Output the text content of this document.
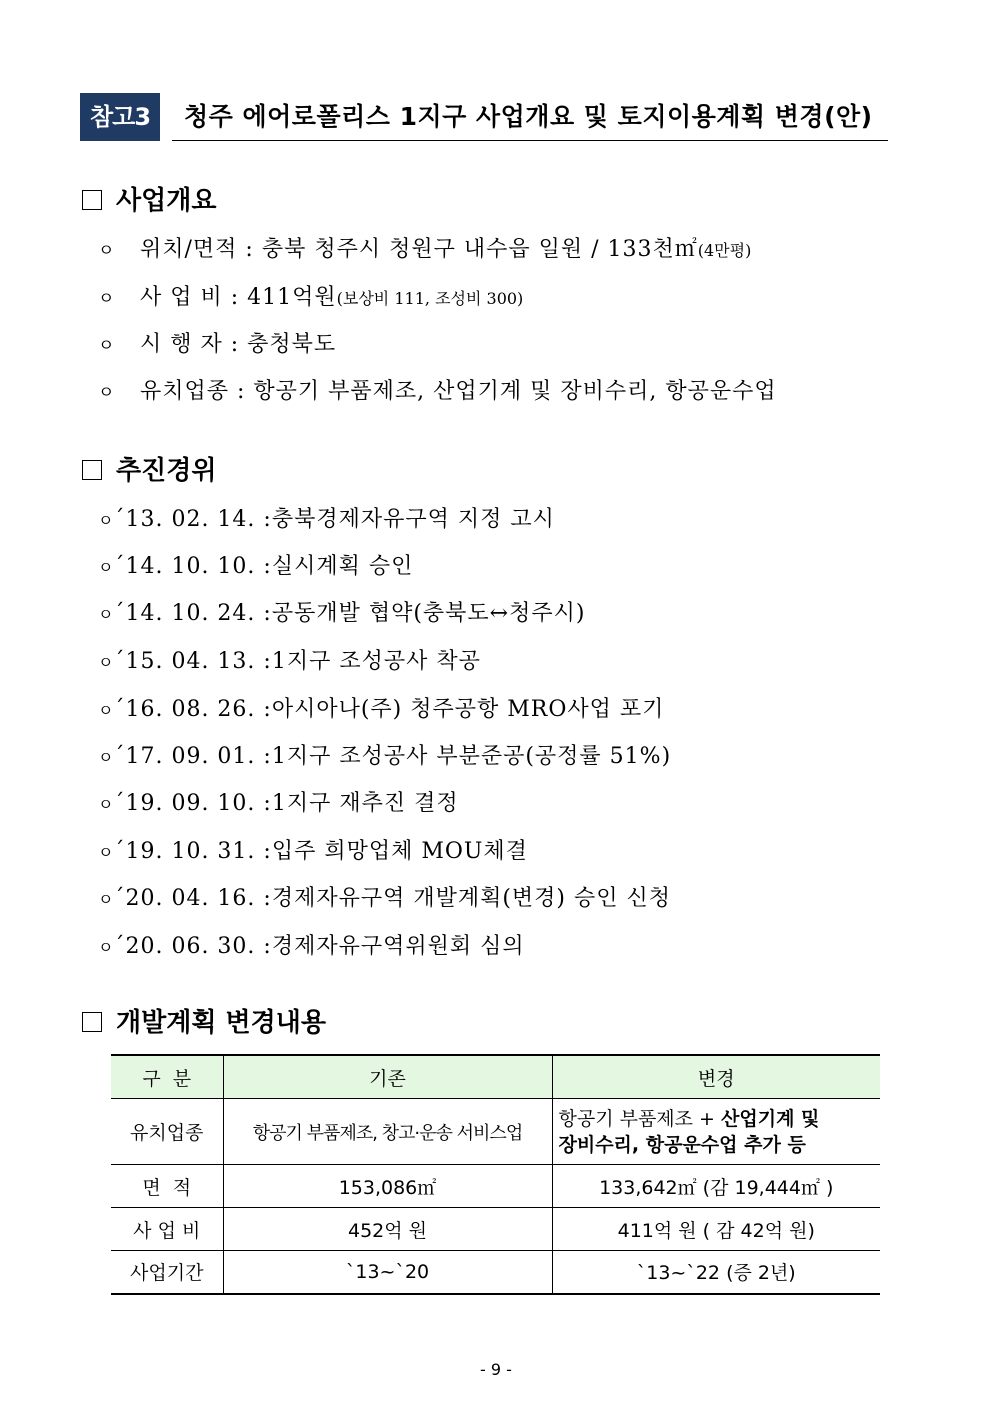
참고3	청주 에어로폴리스 1지구 사업개요 및 토지이용계획 변경(안)
사업개요
ㅇ 위치/면적 : 충북 청주시 청원구 내수읍 일원 / 133천㎡(4만평)
ㅇ 사 업 비 : 411억원(보상비 111, 조성비 300)
ㅇ 시 행 자 : 충청북도
ㅇ 유치업종 : 항공기 부품제조, 산업기계 및 장비수리, 항공운수업
추진경위
ㅇ´13. 02. 14. :충북경제자유구역 지정 고시
ㅇ´14. 10. 10. :실시계획 승인
ㅇ´14. 10. 24. :공동개발 협약(충북도↔청주시)
ㅇ´15. 04. 13. :1지구 조성공사 착공
ㅇ´16. 08. 26. :아시아나(주) 청주공항 MRO사업 포기
ㅇ´17. 09. 01. :1지구 조성공사 부분준공(공정률 51%)
ㅇ´19. 09. 10. :1지구 재추진 결정
ㅇ´19. 10. 31. :입주 희망업체 MOU체결
ㅇ´20. 04. 16. :경제자유구역 개발계획(변경) 승인 신청
ㅇ´20. 06. 30. :경제자유구역위원회 심의
개발계획 변경내용
구  분	기존	변경
유치업종	항공기 부품제조, 창고·운송 서비스업	항공기 부품제조 + 산업기계 및
장비수리, 항공운수업 추가 등
면  적	153,086㎡	133,642㎡ (감 19,444㎡ )
사 업 비	452억 원	411억 원 ( 감 42억 원)
사업기간	`13~`20	`13~`22 (증 2년)
- 9 -
